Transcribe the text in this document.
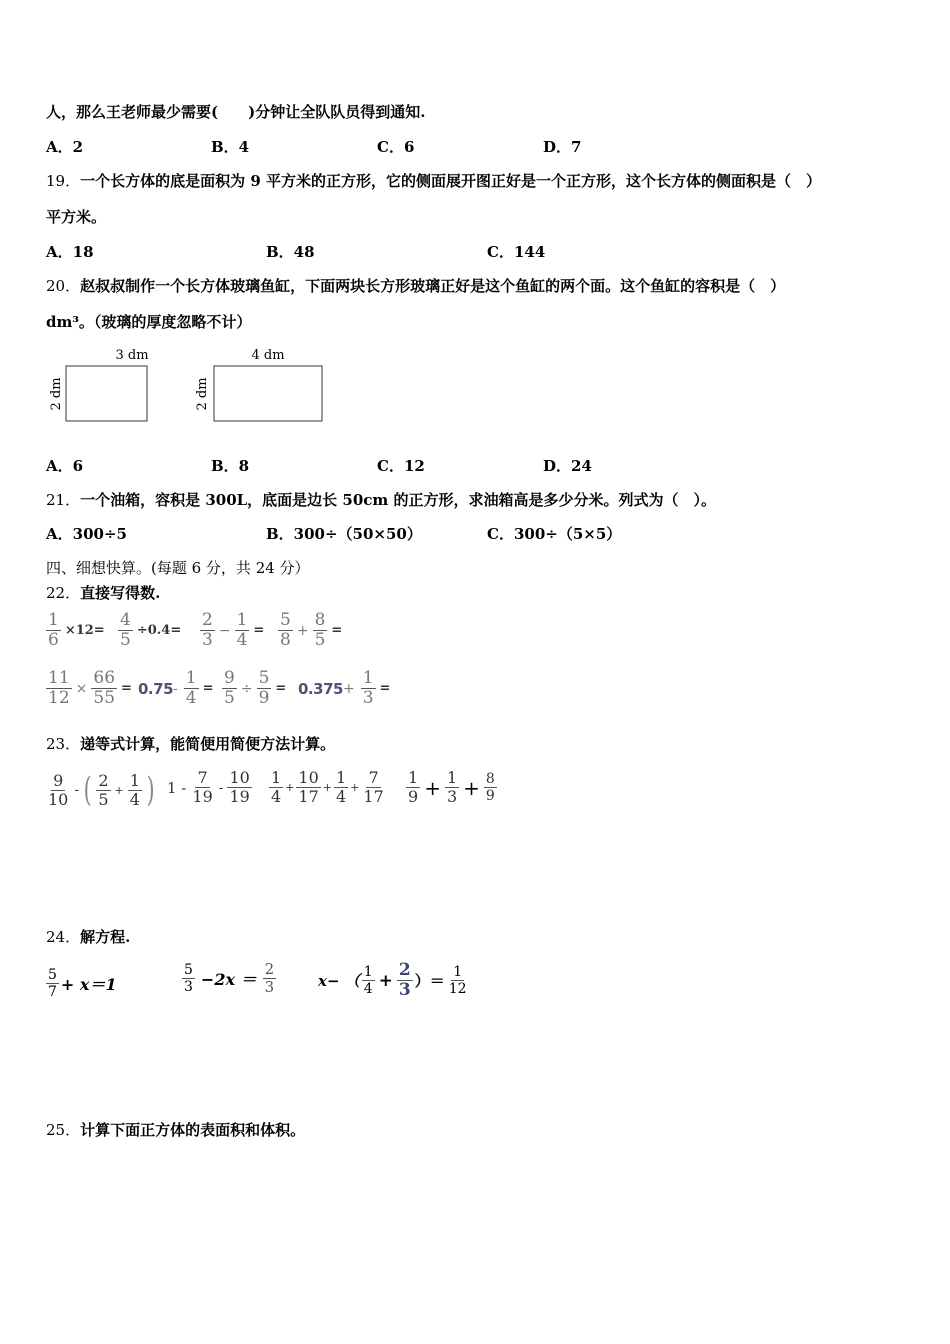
人，那么王老师最少需要(　　)分钟让全队队员得到通知.
A．2	B．4	C．6	D．7
19．一个长方体的底是面积为 9 平方米的正方形，它的侧面展开图正好是一个正方形，这个长方体的侧面积是（　）
平方米。
A．18	B．48	C．144
20．赵叔叔制作一个长方体玻璃鱼缸，下面两块长方形玻璃正好是这个鱼缸的两个面。这个鱼缸的容积是（　）
dm³。（玻璃的厚度忽略不计）
3 dm
2 dm
4 dm
2 dm
A．6	B．8	C．12	D．24
21．一个油箱，容积是 300L，底面是边长 50cm 的正方形，求油箱高是多少分米。列式为（　）。
A．300÷5	B．300÷（50×50）	C．300÷（5×5）
四、细想快算。(每题 6 分，共 24 分）
22．直接写得数.
$\frac{1}{6} \times 12= \frac{4}{5} \div 0.4= \frac{2}{3} - \frac{1}{4} = \frac{5}{8} + \frac{8}{5}$ =
$\frac{11}{12} \times \frac{66}{55} = 0.75 - \frac{1}{4} = \frac{9}{5} \div \frac{5}{9} = 0.375 + \frac{1}{3}$ =
23．递等式计算，能简便用简便方法计算。
$\frac{9}{10}$ - ( $\frac{2}{5} + \frac{1}{4}$ ) $1 - \frac{7}{19} - \frac{10}{19} \frac{1}{4} + \frac{10}{17} + \frac{1}{4} + \frac{7}{17} \frac{1}{9} + \frac{1}{3} + \frac{8}{9}$
24．解方程.
$\frac{5}{7} + x=1$	$\frac{5}{3} -2x = \frac{2}{3}$	x− （ $\frac{1}{4} + \frac{2}{3}$ ）＝ $\frac{1}{12}$
25．计算下面正方体的表面积和体积。
